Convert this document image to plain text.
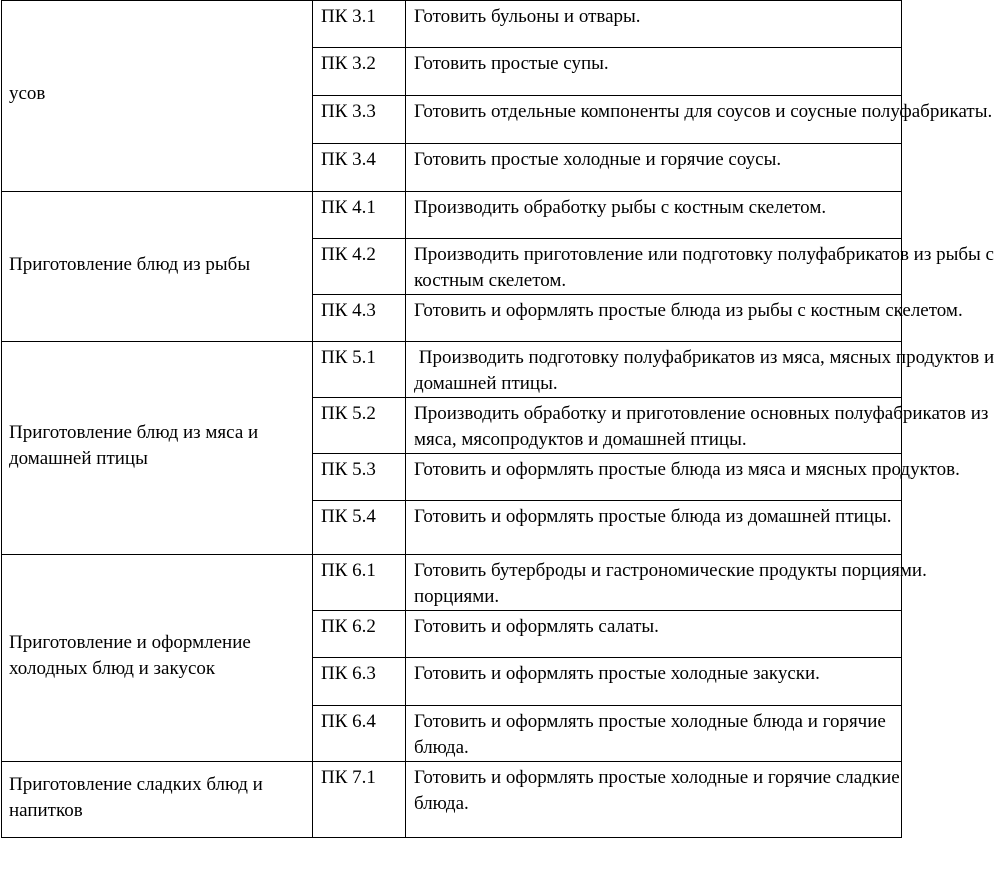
усов	ПК 3.1	Готовить бульоны и отвары.

	ПК 3.2	Готовить простые супы.

	ПК 3.3	Готовить отдельные компоненты для соусов и соусные полуфабрикаты.

	ПК 3.4	Готовить простые холодные и горячие соусы.

Приготовление блюд из рыбы	ПК 4.1	Производить обработку рыбы с костным скелетом.

	ПК 4.2	Производить приготовление или подготовку полуфабрикатов из рыбы с
костным скелетом.

	ПК 4.3	Готовить и оформлять простые блюда из рыбы с костным скелетом.

Приготовление блюд из мяса и домашней птицы	ПК 5.1	Производить подготовку полуфабрикатов из мяса, мясных продуктов и
домашней птицы.

	ПК 5.2	Производить обработку и приготовление основных полуфабрикатов из
мяса, мясопродуктов и домашней птицы.

	ПК 5.3	Готовить и оформлять простые блюда из мяса и мясных продуктов.

	ПК 5.4	Готовить и оформлять простые блюда из домашней птицы.

Приготовление и оформление холодных блюд и закусок	ПК 6.1	Готовить бутерброды и гастрономические продукты порциями.
порциями.

	ПК 6.2	Готовить и оформлять салаты.

	ПК 6.3	Готовить и оформлять простые холодные закуски.

	ПК 6.4	Готовить и оформлять простые холодные блюда и горячие
блюда.

Приготовление сладких блюд и напитков	ПК 7.1	Готовить и оформлять простые холодные и горячие сладкие
блюда.
